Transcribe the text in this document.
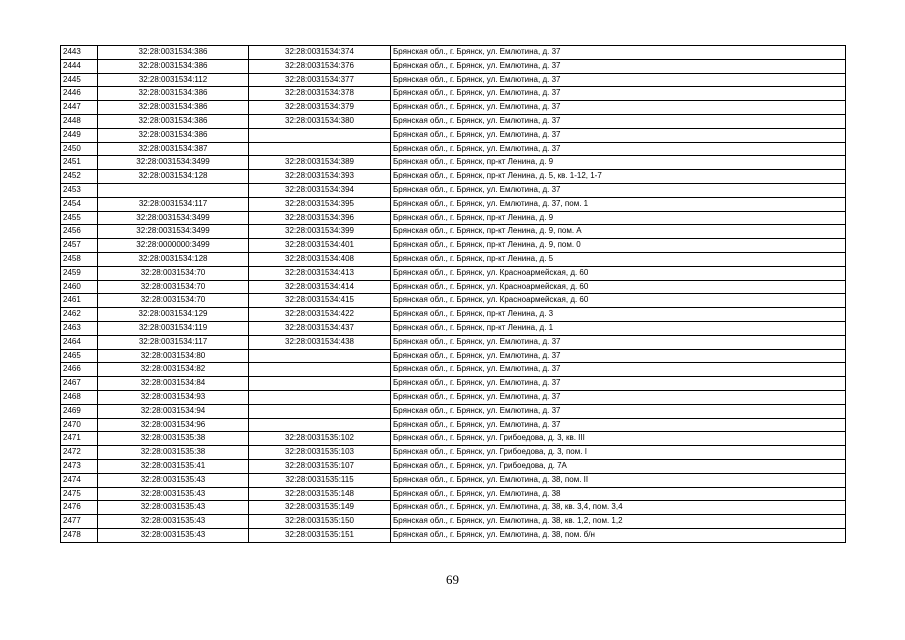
2443	32:28:0031534:386	32:28:0031534:374	Брянская обл., г. Брянск, ул. Емлютина, д. 37
2444	32:28:0031534:386	32:28:0031534:376	Брянская обл., г. Брянск, ул. Емлютина, д. 37
2445	32:28:0031534:112	32:28:0031534:377	Брянская обл., г. Брянск, ул. Емлютина, д. 37
2446	32:28:0031534:386	32:28:0031534:378	Брянская обл., г. Брянск, ул. Емлютина, д. 37
2447	32:28:0031534:386	32:28:0031534:379	Брянская обл., г. Брянск, ул. Емлютина, д. 37
2448	32:28:0031534:386	32:28:0031534:380	Брянская обл., г. Брянск, ул. Емлютина, д. 37
2449	32:28:0031534:386		Брянская обл., г. Брянск, ул. Емлютина, д. 37
2450	32:28:0031534:387		Брянская обл., г. Брянск, ул. Емлютина, д. 37
2451	32:28:0031534:3499	32:28:0031534:389	Брянская обл., г. Брянск, пр-кт Ленина, д. 9
2452	32:28:0031534:128	32:28:0031534:393	Брянская обл., г. Брянск, пр-кт Ленина, д. 5, кв. 1-12, 1-7
2453		32:28:0031534:394	Брянская обл., г. Брянск, ул. Емлютина, д. 37
2454	32:28:0031534:117	32:28:0031534:395	Брянская обл., г. Брянск, ул. Емлютина, д. 37, пом. 1
2455	32:28:0031534:3499	32:28:0031534:396	Брянская обл., г. Брянск, пр-кт Ленина, д. 9
2456	32:28:0031534:3499	32:28:0031534:399	Брянская обл., г. Брянск, пр-кт Ленина, д. 9, пом. А
2457	32:28:0000000:3499	32:28:0031534:401	Брянская обл., г. Брянск, пр-кт Ленина, д. 9, пом. 0
2458	32:28:0031534:128	32:28:0031534:408	Брянская обл., г. Брянск, пр-кт Ленина, д. 5
2459	32:28:0031534:70	32:28:0031534:413	Брянская обл., г. Брянск, ул. Красноармейская, д. 60
2460	32:28:0031534:70	32:28:0031534:414	Брянская обл., г. Брянск, ул. Красноармейская, д. 60
2461	32:28:0031534:70	32:28:0031534:415	Брянская обл., г. Брянск, ул. Красноармейская, д. 60
2462	32:28:0031534:129	32:28:0031534:422	Брянская обл., г. Брянск, пр-кт Ленина, д. 3
2463	32:28:0031534:119	32:28:0031534:437	Брянская обл., г. Брянск, пр-кт Ленина, д. 1
2464	32:28:0031534:117	32:28:0031534:438	Брянская обл., г. Брянск, ул. Емлютина, д. 37
2465	32:28:0031534:80		Брянская обл., г. Брянск, ул. Емлютина, д. 37
2466	32:28:0031534:82		Брянская обл., г. Брянск, ул. Емлютина, д. 37
2467	32:28:0031534:84		Брянская обл., г. Брянск, ул. Емлютина, д. 37
2468	32:28:0031534:93		Брянская обл., г. Брянск, ул. Емлютина, д. 37
2469	32:28:0031534:94		Брянская обл., г. Брянск, ул. Емлютина, д. 37
2470	32:28:0031534:96		Брянская обл., г. Брянск, ул. Емлютина, д. 37
2471	32:28:0031535:38	32:28:0031535:102	Брянская обл., г. Брянск, ул. Грибоедова, д. 3, кв. III
2472	32:28:0031535:38	32:28:0031535:103	Брянская обл., г. Брянск, ул. Грибоедова, д. 3, пом. I
2473	32:28:0031535:41	32:28:0031535:107	Брянская обл., г. Брянск, ул. Грибоедова, д. 7А
2474	32:28:0031535:43	32:28:0031535:115	Брянская обл., г. Брянск, ул. Емлютина, д. 38, пом. II
2475	32:28:0031535:43	32:28:0031535:148	Брянская обл., г. Брянск, ул. Емлютина, д. 38
2476	32:28:0031535:43	32:28:0031535:149	Брянская обл., г. Брянск, ул. Емлютина, д. 38, кв. 3,4, пом. 3,4
2477	32:28:0031535:43	32:28:0031535:150	Брянская обл., г. Брянск, ул. Емлютина, д. 38, кв. 1,2, пом. 1,2
2478	32:28:0031535:43	32:28:0031535:151	Брянская обл., г. Брянск, ул. Емлютина, д. 38, пом. б/н
69
